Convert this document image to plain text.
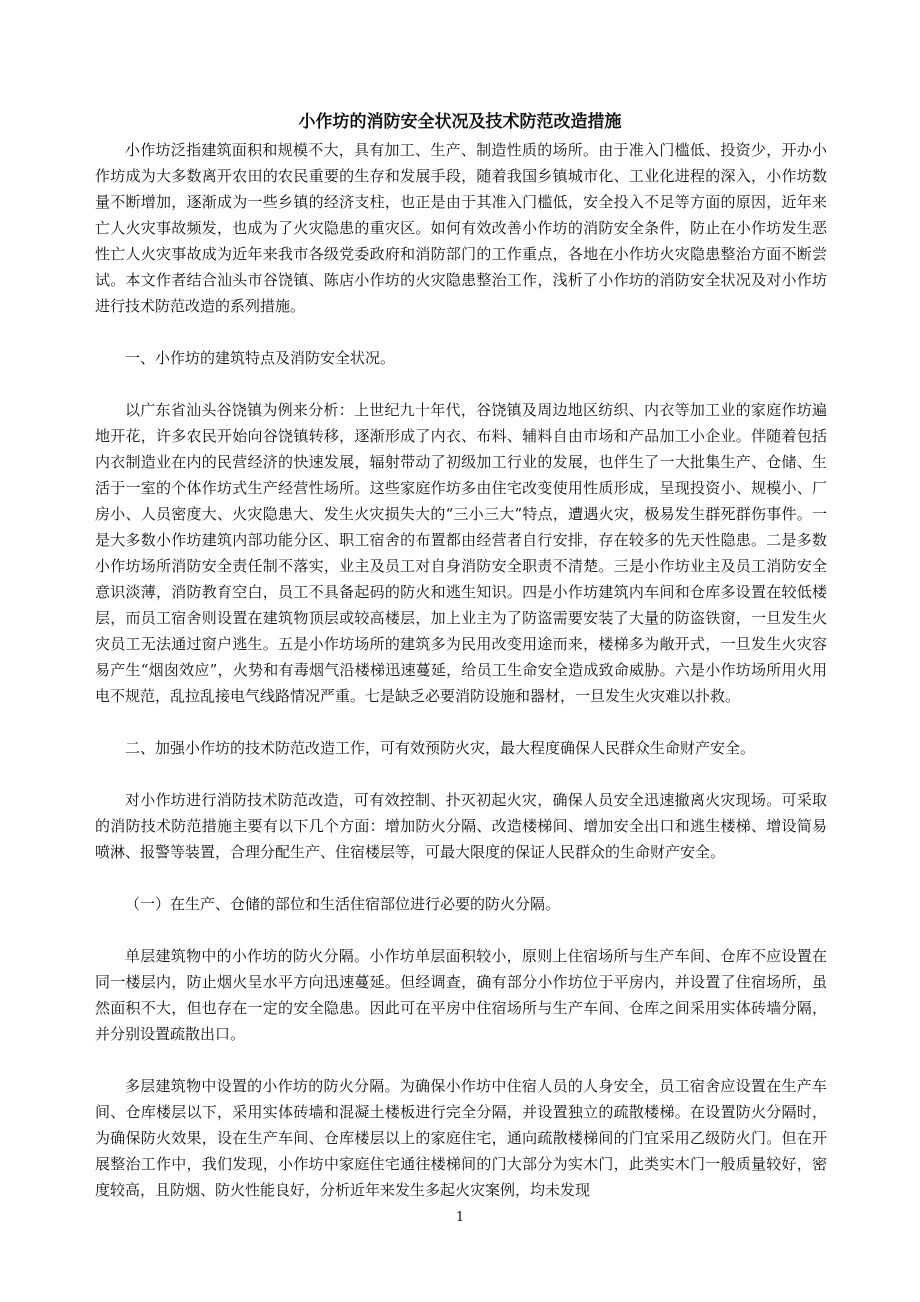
小作坊的消防安全状况及技术防范改造措施

小作坊泛指建筑面积和规模不大，具有加工、生产、制造性质的场所。由于准入门槛低、投资少，开办小作坊成为大多数离开农田的农民重要的生存和发展手段，随着我国乡镇城市化、工业化进程的深入，小作坊数量不断增加，逐渐成为一些乡镇的经济支柱，也正是由于其准入门槛低，安全投入不足等方面的原因，近年来亡人火灾事故频发，也成为了火灾隐患的重灾区。如何有效改善小作坊的消防安全条件，防止在小作坊发生恶性亡人火灾事故成为近年来我市各级党委政府和消防部门的工作重点，各地在小作坊火灾隐患整治方面不断尝试。本文作者结合汕头市谷饶镇、陈店小作坊的火灾隐患整治工作，浅析了小作坊的消防安全状况及对小作坊进行技术防范改造的系列措施。

一、小作坊的建筑特点及消防安全状况。

以广东省汕头谷饶镇为例来分析：上世纪九十年代，谷饶镇及周边地区纺织、内衣等加工业的家庭作坊遍地开花，许多农民开始向谷饶镇转移，逐渐形成了内衣、布料、辅料自由市场和产品加工小企业。伴随着包括内衣制造业在内的民营经济的快速发展，辐射带动了初级加工行业的发展，也伴生了一大批集生产、仓储、生活于一室的个体作坊式生产经营性场所。这些家庭作坊多由住宅改变使用性质形成，呈现投资小、规模小、厂房小、人员密度大、火灾隐患大、发生火灾损失大的“三小三大”特点，遭遇火灾，极易发生群死群伤事件。一是大多数小作坊建筑内部功能分区、职工宿舍的布置都由经营者自行安排，存在较多的先天性隐患。二是多数小作坊场所消防安全责任制不落实，业主及员工对自身消防安全职责不清楚。三是小作坊业主及员工消防安全意识淡薄，消防教育空白，员工不具备起码的防火和逃生知识。四是小作坊建筑内车间和仓库多设置在较低楼层，而员工宿舍则设置在建筑物顶层或较高楼层，加上业主为了防盗需要安装了大量的防盗铁窗，一旦发生火灾员工无法通过窗户逃生。五是小作坊场所的建筑多为民用改变用途而来，楼梯多为敞开式，一旦发生火灾容易产生“烟囱效应”，火势和有毒烟气沿楼梯迅速蔓延，给员工生命安全造成致命威胁。六是小作坊场所用火用电不规范，乱拉乱接电气线路情况严重。七是缺乏必要消防设施和器材，一旦发生火灾难以扑救。

二、加强小作坊的技术防范改造工作，可有效预防火灾，最大程度确保人民群众生命财产安全。

对小作坊进行消防技术防范改造，可有效控制、扑灭初起火灾，确保人员安全迅速撤离火灾现场。可采取的消防技术防范措施主要有以下几个方面：增加防火分隔、改造楼梯间、增加安全出口和逃生楼梯、增设简易喷淋、报警等装置，合理分配生产、住宿楼层等，可最大限度的保证人民群众的生命财产安全。

（一）在生产、仓储的部位和生活住宿部位进行必要的防火分隔。

单层建筑物中的小作坊的防火分隔。小作坊单层面积较小，原则上住宿场所与生产车间、仓库不应设置在同一楼层内，防止烟火呈水平方向迅速蔓延。但经调查，确有部分小作坊位于平房内，并设置了住宿场所，虽然面积不大，但也存在一定的安全隐患。因此可在平房中住宿场所与生产车间、仓库之间采用实体砖墙分隔，并分别设置疏散出口。

多层建筑物中设置的小作坊的防火分隔。为确保小作坊中住宿人员的人身安全，员工宿舍应设置在生产车间、仓库楼层以下，采用实体砖墙和混凝土楼板进行完全分隔，并设置独立的疏散楼梯。在设置防火分隔时，为确保防火效果，设在生产车间、仓库楼层以上的家庭住宅，通向疏散楼梯间的门宜采用乙级防火门。但在开展整治工作中，我们发现，小作坊中家庭住宅通往楼梯间的门大部分为实木门，此类实木门一般质量较好，密度较高，且防烟、防火性能良好，分析近年来发生多起火灾案例，均未发现

1
